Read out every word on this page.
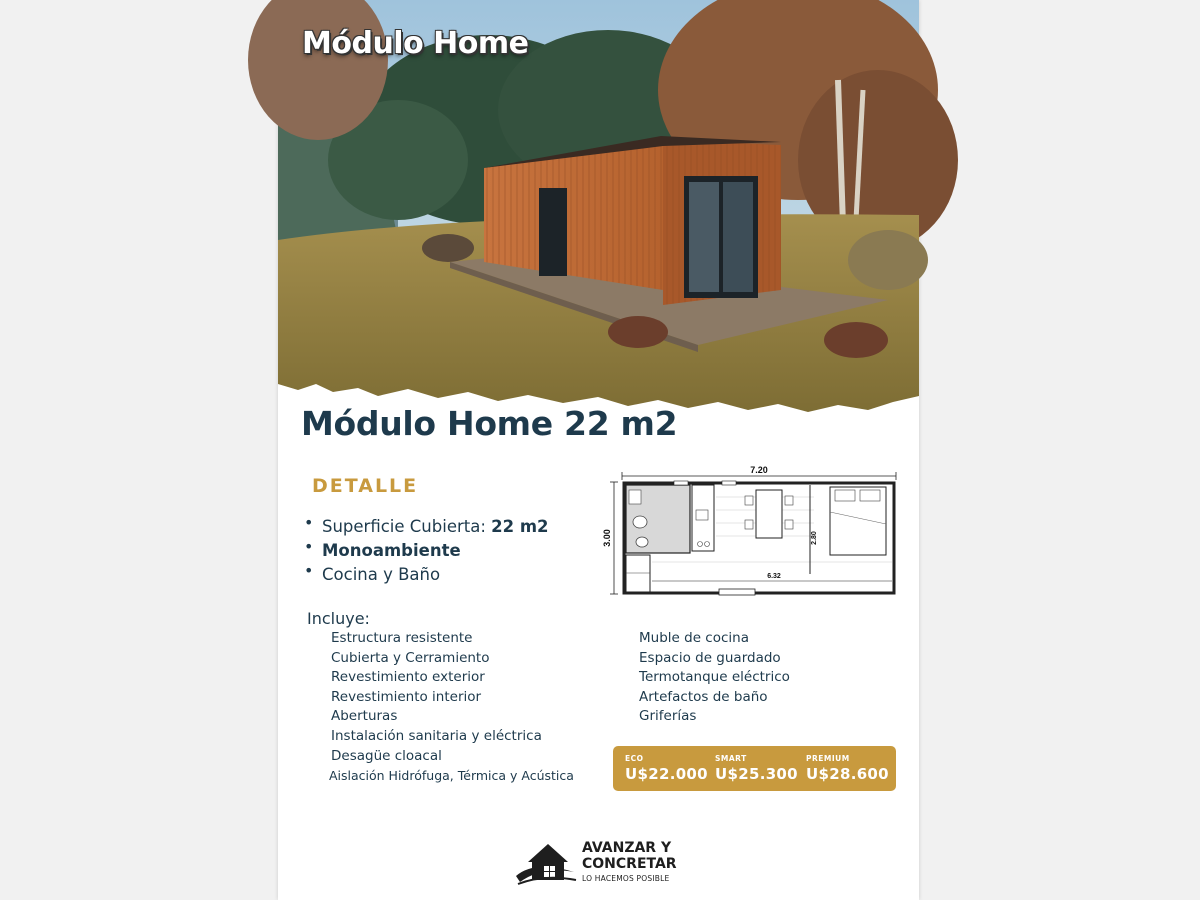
Módulo Home
Módulo Home 22 m2
DETALLE
• Superficie Cubierta: 22 m2
• Monoambiente
• Cocina y Baño
7.20
3.00	2.80
6.32
Incluye:
Estructura resistente
Cubierta y Cerramiento
Revestimiento exterior
Revestimiento interior
Aberturas
Instalación sanitaria y eléctrica
Desagüe cloacal
Aislación Hidrófuga, Térmica y Acústica
Muble de cocina
Espacio de guardado
Termotanque eléctrico
Artefactos de baño
Griferías
ECO
U$22.000
SMART
U$25.300
PREMIUM
U$28.600
AVANZAR Y
CONCRETAR
LO HACEMOS POSIBLE
